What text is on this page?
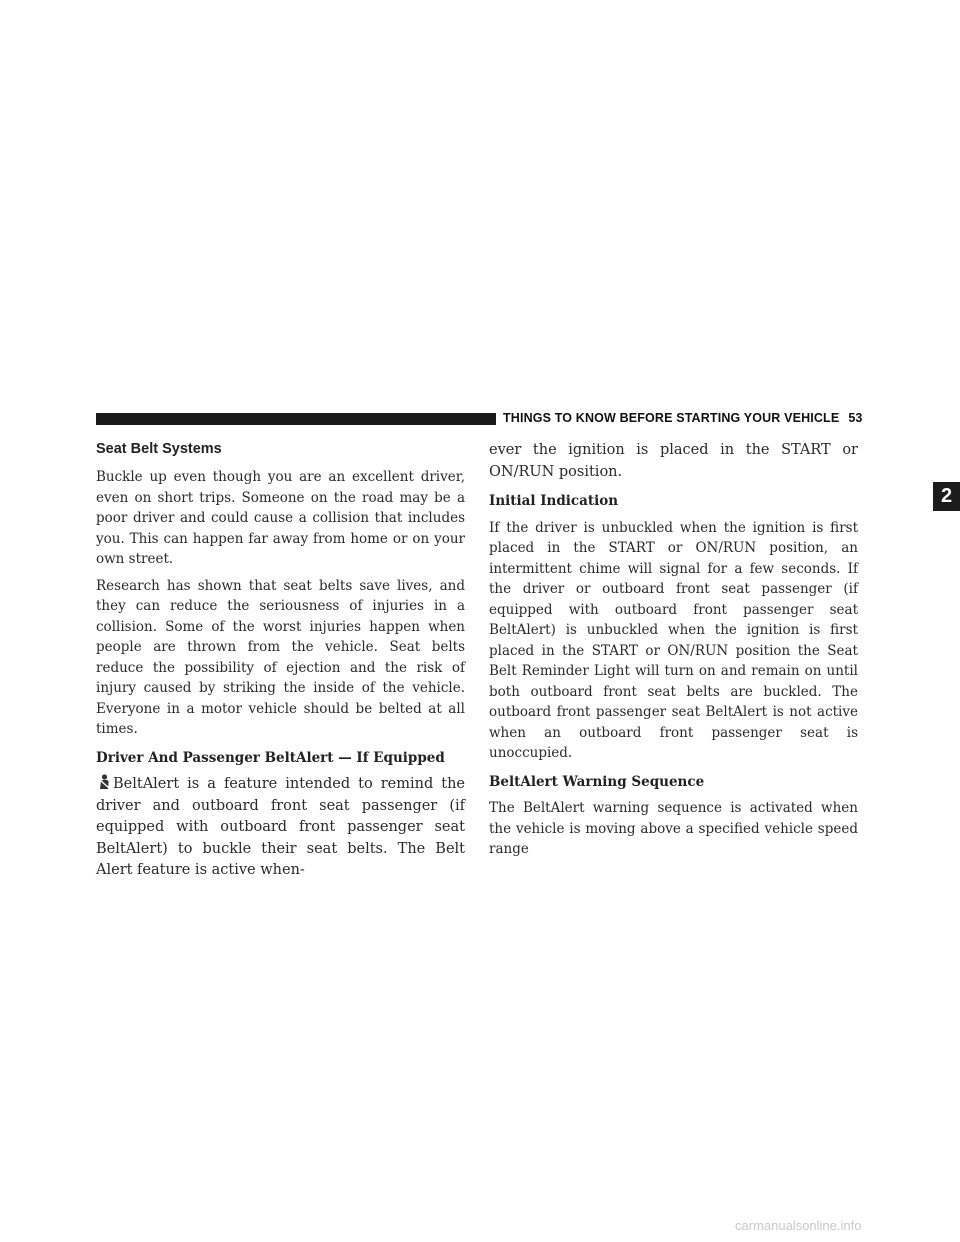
THINGS TO KNOW BEFORE STARTING YOUR VEHICLE 53
2
Seat Belt Systems

Buckle up even though you are an excellent driver, even on short trips. Someone on the road may be a poor driver and could cause a collision that includes you. This can happen far away from home or on your own street.

Research has shown that seat belts save lives, and they can reduce the seriousness of injuries in a collision. Some of the worst injuries happen when people are thrown from the vehicle. Seat belts reduce the possibility of ejection and the risk of injury caused by striking the inside of the vehicle. Everyone in a motor vehicle should be belted at all times.

Driver And Passenger BeltAlert — If Equipped

BeltAlert is a feature intended to remind the driver and outboard front seat passenger (if equipped with outboard front passenger seat BeltAlert) to buckle their seat belts. The Belt Alert feature is active when-

ever the ignition is placed in the START or ON/RUN position.

Initial Indication

If the driver is unbuckled when the ignition is first placed in the START or ON/RUN position, an intermittent chime will signal for a few seconds. If the driver or outboard front seat passenger (if equipped with outboard front passenger seat BeltAlert) is unbuckled when the ignition is first placed in the START or ON/RUN position the Seat Belt Reminder Light will turn on and remain on until both outboard front seat belts are buckled. The outboard front passenger seat BeltAlert is not active when an outboard front passenger seat is unoccupied.

BeltAlert Warning Sequence

The BeltAlert warning sequence is activated when the vehicle is moving above a specified vehicle speed range

carmanualsonline.info
